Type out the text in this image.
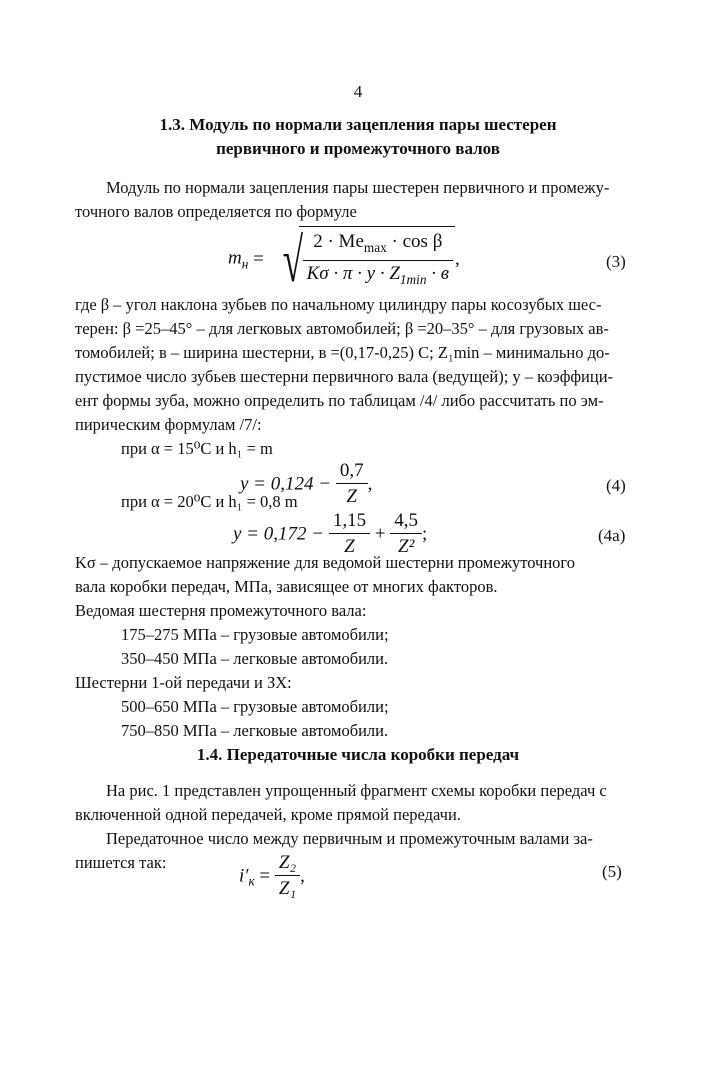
4
1.3. Модуль по нормали зацепления пары шестерен
первичного и промежуточного валов
Модуль по нормали зацепления пары шестерен первичного и промежу-
точного валов определяется по формуле
$m_н$ = √ $\frac{2 \cdot Me_{max} \cdot \cos \beta}{K\sigma \cdot \pi \cdot y \cdot Z_{1min} \cdot в}$ ,	(3)
где β – угол наклона зубьев по начальному цилиндру пары косозубых шес-
терен: β =25–45° – для легковых автомобилей; β =20–35° – для грузовых ав-
томобилей; в – ширина шестерни, в =(0,17-0,25) C; Z₁min – минимально до-
пустимое число зубьев шестерни первичного вала (ведущей); y – коэффици-
ент формы зуба, можно определить по таблицам /4/ либо рассчитать по эм-
пирическим формулам /7/:
при α = 15⁰С и h₁ = m
$y = 0,124 - \frac{0,7}{Z}$ ,	(4)
при α = 20⁰С и h₁ = 0,8 m
$y = 0,172 - \frac{1,15}{Z} + \frac{4,5}{\text{Z²}}$ ;	(4а)
Kσ – допускаемое напряжение для ведомой шестерни промежуточного
вала коробки передач, МПа, зависящее от многих факторов.
Ведомая шестерня промежуточного вала:
175–275 МПа – грузовые автомобили;
350–450 МПа – легковые автомобили.
Шестерни 1-ой передачи и ЗХ:
500–650 МПа – грузовые автомобили;
750–850 МПа – легковые автомобили.
1.4. Передаточные числа коробки передач
На рис. 1 представлен упрощенный фрагмент схемы коробки передач с
включенной одной передачей, кроме прямой передачи.
Передаточное число между первичным и промежуточным валами за-
пишется так:
$i'_к = \frac{\text{Z₂}}{\text{Z₁}}$ ,	(5)
